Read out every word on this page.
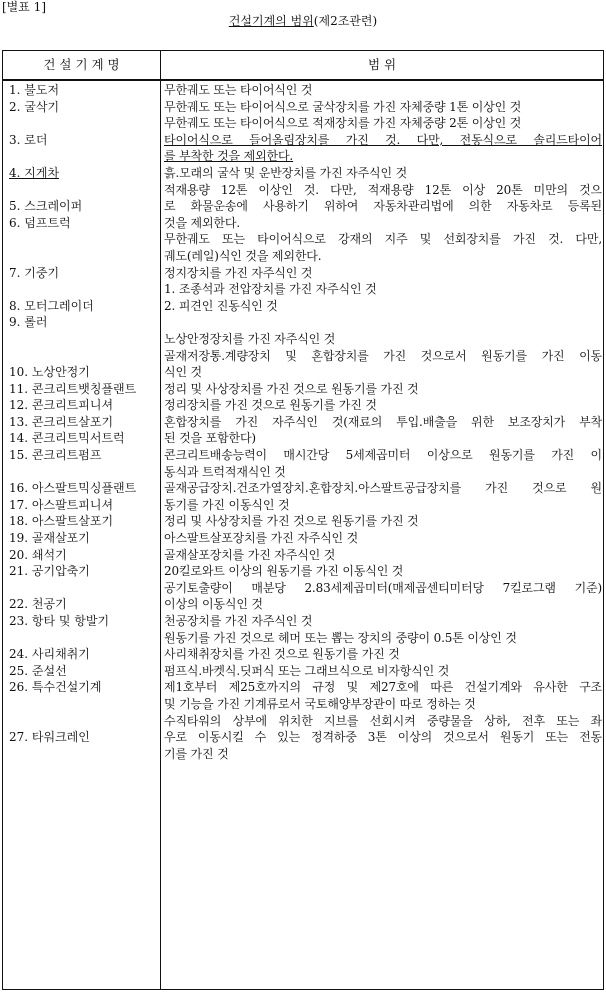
[별표 1]
건설기계의 범위(제2조관련)
건 설 기 계 명	범 위
1. 불도저
2. 굴삭기
3. 로더
4. 지게차
5. 스크레이퍼
6. 덤프트럭
7. 기중기
8. 모터그레이더
9. 롤러
10. 노상안정기
11. 콘크리트뱃칭플랜트
12. 콘크리트피니셔
13. 콘크리트살포기
14. 콘크리트믹서트럭
15. 콘크리트펌프
16. 아스팔트믹싱플랜트
17. 아스팔트피니셔
18. 아스팔트살포기
19. 골재살포기
20. 쇄석기
21. 공기압축기
22. 천공기
23. 항타 및 항발기
24. 사리채취기
25. 준설선
26. 특수건설기계
27. 타워크레인
무한궤도 또는 타이어식인 것
무한궤도 또는 타이어식으로 굴삭장치를 가진 자체중량 1톤 이상인 것
무한궤도 또는 타이어식으로 적재장치를 가진 자체중량 2톤 이상인 것
타이어식으로 들어올림장치를 가진 것. 다만, 전동식으로 솔리드타이어
를 부착한 것을 제외한다.
흙.모래의 굴삭 및 운반장치를 가진 자주식인 것
적재용량 12톤 이상인 것. 다만, 적재용량 12톤 이상 20톤 미만의 것으
로 화물운송에 사용하기 위하여 자동차관리법에 의한 자동차로 등록된
것을 제외한다.
무한궤도 또는 타이어식으로 강재의 지주 및 선회장치를 가진 것. 다만,
궤도(레일)식인 것을 제외한다.
정지장치를 가진 자주식인 것
1. 조종석과 전압장치를 가진 자주식인 것
2. 피견인 진동식인 것
노상안정장치를 가진 자주식인 것
골재저장통.계량장치 및 혼합장치를 가진 것으로서 원동기를 가진 이동
식인 것
정리 및 사상장치를 가진 것으로 원동기를 가진 것
정리장치를 가진 것으로 원동기를 가진 것
혼합장치를 가진 자주식인 것(재료의 투입.배출을 위한 보조장치가 부착
된 것을 포함한다)
콘크리트배송능력이 매시간당 5세제곱미터 이상으로 원동기를 가진 이
동식과 트럭적재식인 것
골재공급장치.건조가열장치.혼합장치.아스팔트공급장치를 가진 것으로 원
동기를 가진 이동식인 것
정리 및 사상장치를 가진 것으로 원동기를 가진 것
아스팔트살포장치를 가진 자주식인 것
골재살포장치를 가진 자주식인 것
20킬로와트 이상의 원동기를 가진 이동식인 것
공기토출량이 매분당 2.83세제곱미터(매제곱센티미터당 7킬로그램 기준)
이상의 이동식인 것
천공장치를 가진 자주식인 것
원동기를 가진 것으로 헤머 또는 뽑는 장치의 중량이 0.5톤 이상인 것
사리채취장치를 가진 것으로 원동기를 가진 것
펌프식.바켓식.딧퍼식 또는 그래브식으로 비자항식인 것
제1호부터 제25호까지의 규정 및 제27호에 따른 건설기계와 유사한 구조
및 기능을 가진 기계류로서 국토해양부장관이 따로 정하는 것
수직타워의 상부에 위치한 지브를 선회시켜 중량물을 상하, 전후 또는 좌
우로 이동시킬 수 있는 정격하중 3톤 이상의 것으로서 원동기 또는 전동
기를 가진 것
